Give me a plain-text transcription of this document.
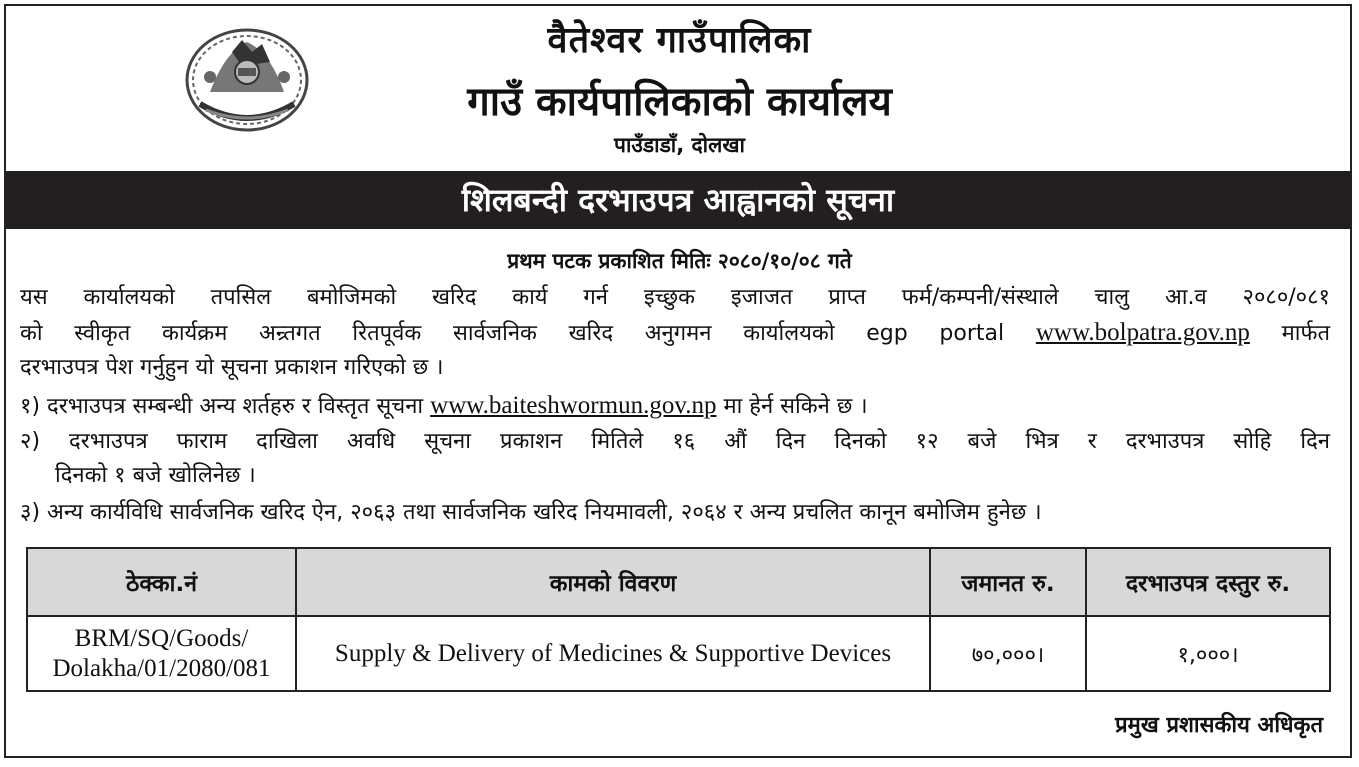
वैतेश्वर गाउँपालिका
गाउँ कार्यपालिकाको कार्यालय
पाउँडाडाँ, दोलखा
शिलबन्दी दरभाउपत्र आह्वानको सूचना
प्रथम पटक प्रकाशित मितिः २०८०/१०/०८ गते
यस कार्यालयको तपसिल बमोजिमको खरिद कार्य गर्न इच्छुक इजाजत प्राप्त फर्म/कम्पनी/संस्थाले चालु आ.व २०८०/०८१
को स्वीकृत कार्यक्रम अन्र्तगत रितपूर्वक सार्वजनिक खरिद अनुगमन कार्यालयको egp portal www.bolpatra.gov.np मार्फत
दरभाउपत्र पेश गर्नुहुन यो सूचना प्रकाशन गरिएको छ ।
१) दरभाउपत्र सम्बन्धी अन्य शर्तहरु र विस्तृत सूचना www.baiteshwormun.gov.np मा हेर्न सकिने छ ।
२) दरभाउपत्र फाराम दाखिला अवधि सूचना प्रकाशन मितिले १६ औं दिन दिनको १२ बजे भित्र र दरभाउपत्र सोहि दिन
दिनको १ बजे खोलिनेछ ।
३) अन्य कार्यविधि सार्वजनिक खरिद ऐन, २०६३ तथा सार्वजनिक खरिद नियमावली, २०६४ र अन्य प्रचलित कानून बमोजिम हुनेछ ।
ठेक्का.नं	कामको विवरण	जमानत रु.	दरभाउपत्र दस्तुर रु.

BRM/SQ/Goods/
Dolakha/01/2080/081	Supply & Delivery of Medicines & Supportive Devices	७०,०००।	१,०००।
प्रमुख प्रशासकीय अधिकृत
